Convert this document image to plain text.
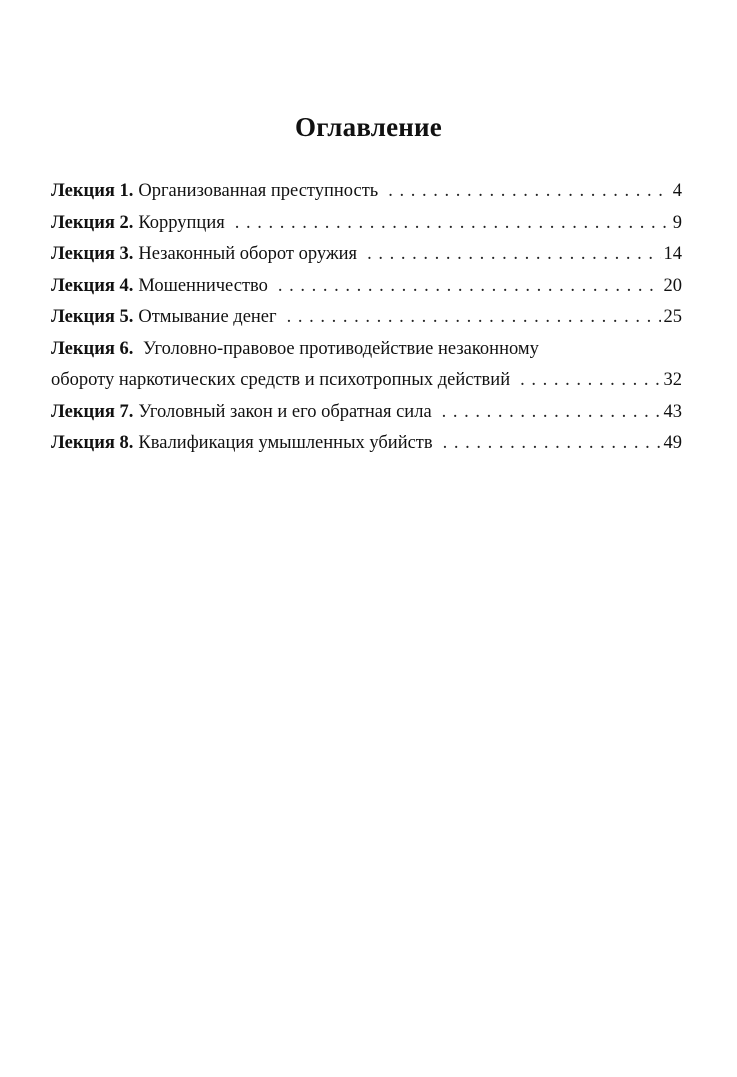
Оглавление
Лекция 1. Организованная преступность . . .	4
Лекция 2. Коррупция . . .	9
Лекция 3. Незаконный оборот оружия . . .	14
Лекция 4. Мошенничество . . .	20
Лекция 5. Отмывание денег . . .	25
Лекция 6. Уголовно-правовое противодействие незаконному
обороту наркотических средств и психотропных действий . . .	32
Лекция 7. Уголовный закон и его обратная сила . . .	43
Лекция 8. Квалификация умышленных убийств . . .	49
